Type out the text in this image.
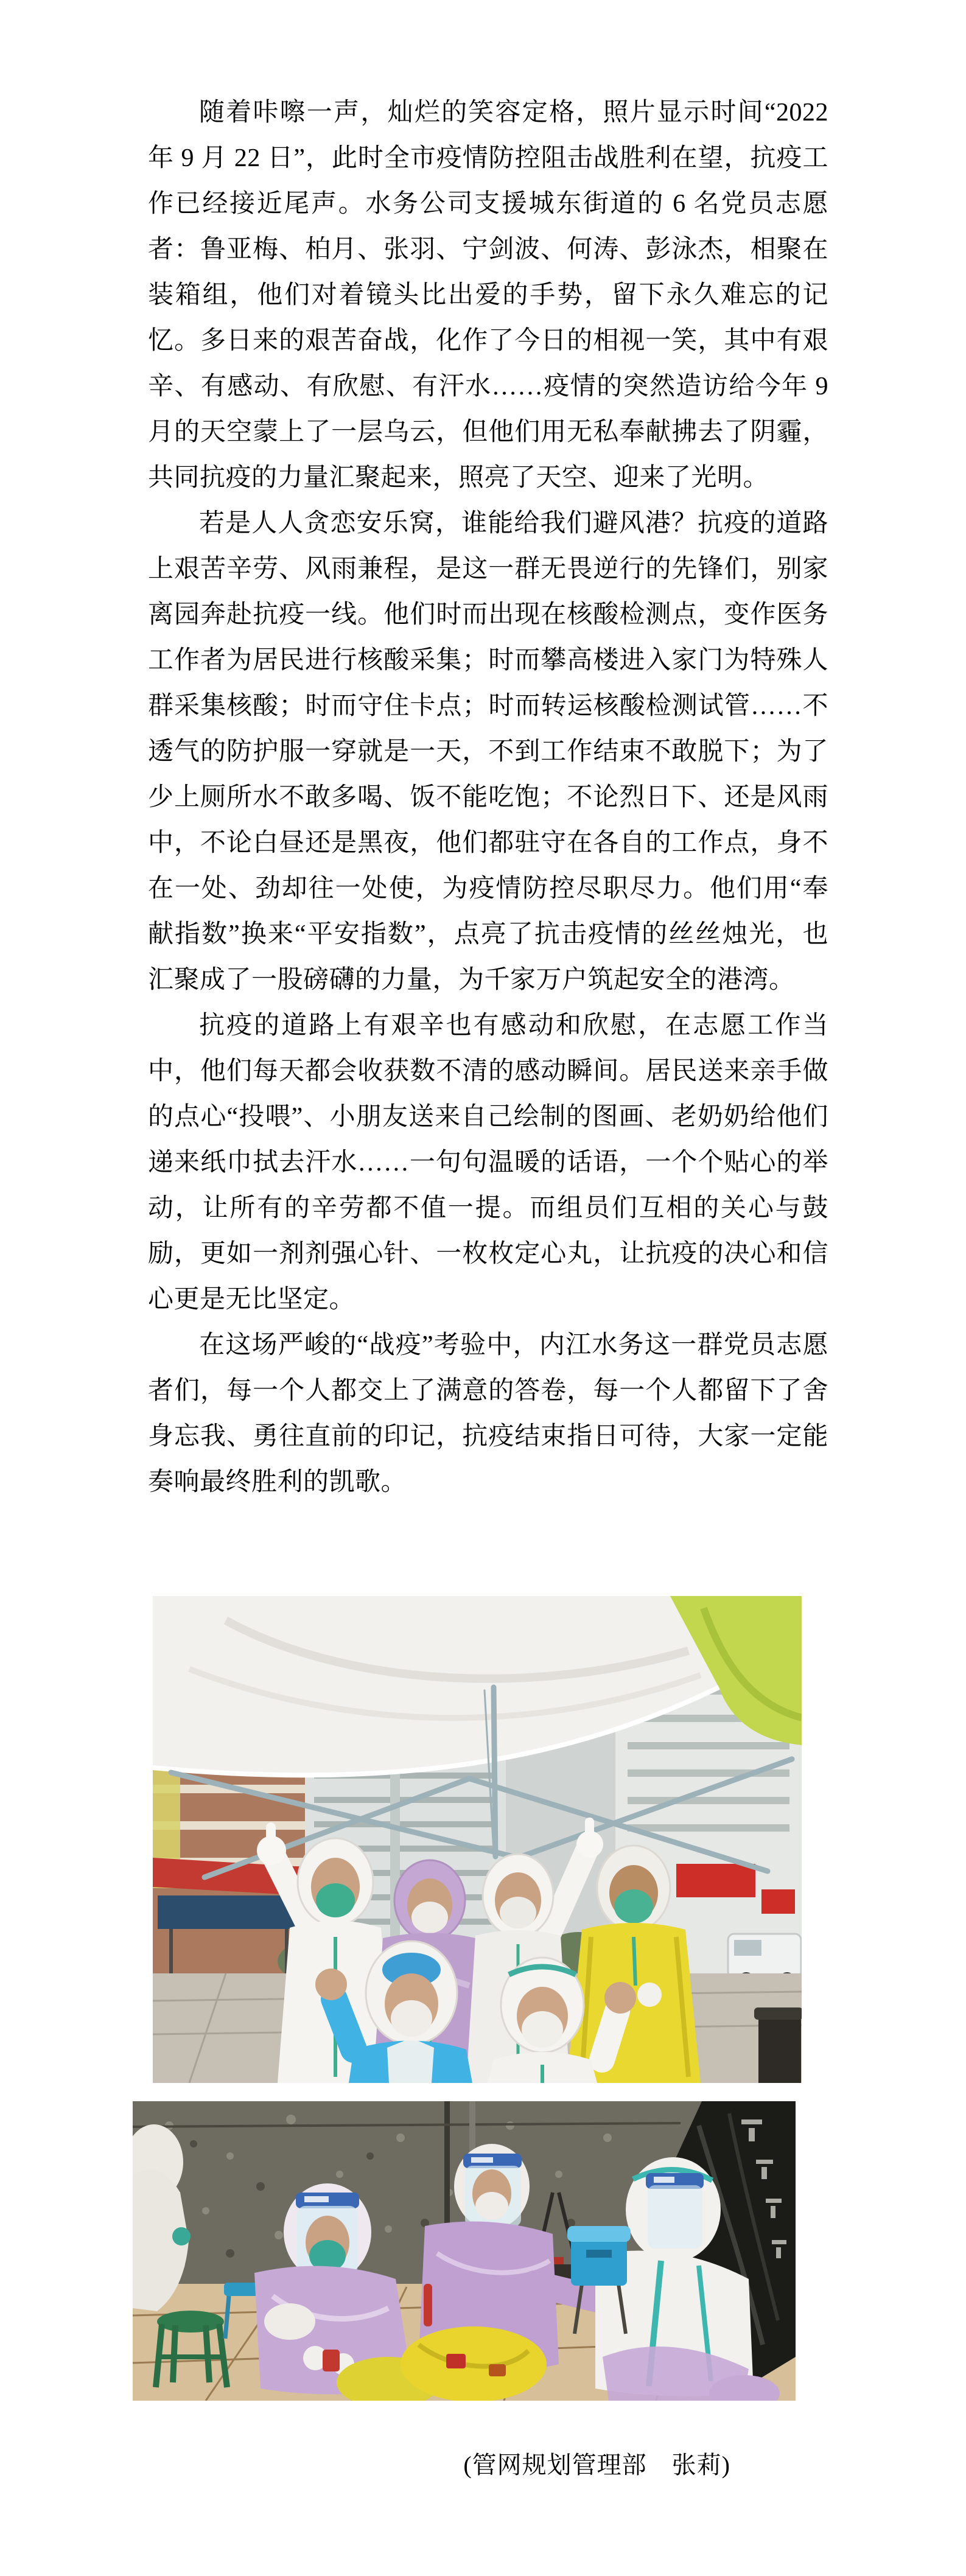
随着咔嚓一声，灿烂的笑容定格，照片显示时间“2022 年 9 月 22 日”，此时全市疫情防控阻击战胜利在望，抗疫工作已经接近尾声。水务公司支援城东街道的 6 名党员志愿者：鲁亚梅、柏月、张羽、宁剑波、何涛、彭泳杰，相聚在装箱组，他们对着镜头比出爱的手势，留下永久难忘的记忆。多日来的艰苦奋战，化作了今日的相视一笑，其中有艰辛、有感动、有欣慰、有汗水……疫情的突然造访给今年 9 月的天空蒙上了一层乌云，但他们用无私奉献拂去了阴霾，共同抗疫的力量汇聚起来，照亮了天空、迎来了光明。

若是人人贪恋安乐窝，谁能给我们避风港？抗疫的道路上艰苦辛劳、风雨兼程，是这一群无畏逆行的先锋们，别家离园奔赴抗疫一线。他们时而出现在核酸检测点，变作医务工作者为居民进行核酸采集；时而攀高楼进入家门为特殊人群采集核酸；时而守住卡点；时而转运核酸检测试管……不透气的防护服一穿就是一天，不到工作结束不敢脱下；为了少上厕所水不敢多喝、饭不能吃饱；不论烈日下、还是风雨中，不论白昼还是黑夜，他们都驻守在各自的工作点，身不在一处、劲却往一处使，为疫情防控尽职尽力。他们用“奉献指数”换来“平安指数”，点亮了抗击疫情的丝丝烛光，也汇聚成了一股磅礴的力量，为千家万户筑起安全的港湾。

抗疫的道路上有艰辛也有感动和欣慰，在志愿工作当中，他们每天都会收获数不清的感动瞬间。居民送来亲手做的点心“投喂”、小朋友送来自己绘制的图画、老奶奶给他们递来纸巾拭去汗水……一句句温暖的话语，一个个贴心的举动，让所有的辛劳都不值一提。而组员们互相的关心与鼓励，更如一剂剂强心针、一枚枚定心丸，让抗疫的决心和信心更是无比坚定。

在这场严峻的“战疫”考验中，内江水务这一群党员志愿者们，每一个人都交上了满意的答卷，每一个人都留下了舍身忘我、勇往直前的印记，抗疫结束指日可待，大家一定能奏响最终胜利的凯歌。

(管网规划管理部　张莉)
